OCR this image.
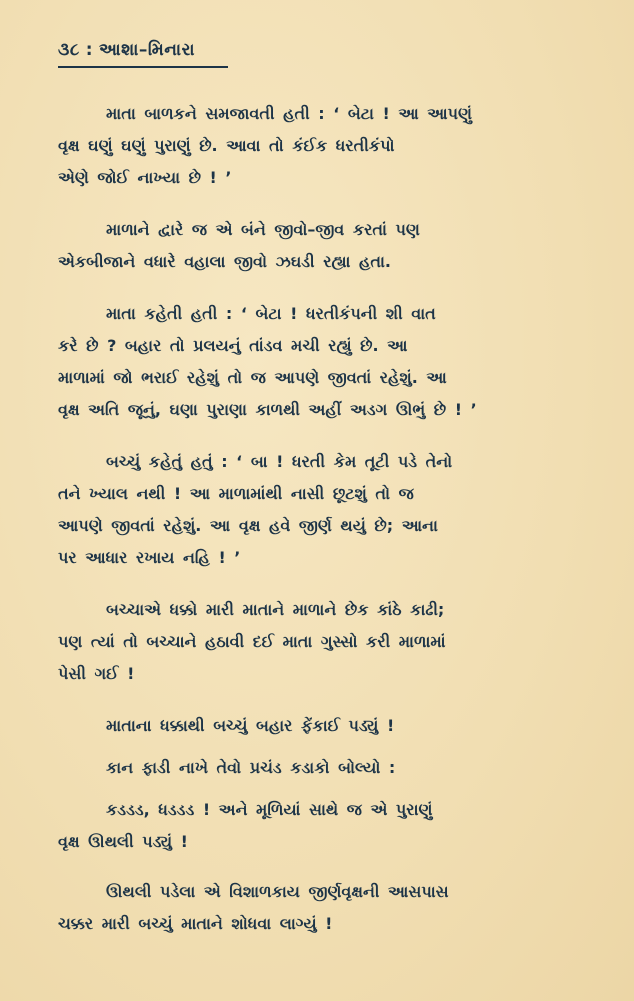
૩૮ : આશા–મિનારા

માતા બાળકને સમજાવતી હતી : ‘ બેટા ! આ આપણું
વૃક્ષ ઘણું ઘણું પુરાણું છે. આવા તો કંઈક ધરતીકંપો
એણે જોઈ નાખ્યા છે ! ’

માળાને દ્વારે જ એ બંને જીવો–જીવ કરતાં પણ
એકબીજાને વધારે વહાલા જીવો ઝઘડી રહ્યા હતા.

માતા કહેતી હતી : ‘ બેટા ! ધરતીકંપની શી વાત
કરે છે ? બહાર તો પ્રલયનું તાંડવ મચી રહ્યું છે. આ
માળામાં જો ભરાઈ રહેશું તો જ આપણે જીવતાં રહેશું. આ
વૃક્ષ અતિ જૂનું, ઘણા પુરાણા કાળથી અહીં અડગ ઊભું છે ! ’

બચ્ચું કહેતું હતું : ‘ બા ! ધરતી કેમ તૂટી પડે તેનો
તને ખ્યાલ નથી ! આ માળામાંથી નાસી છૂટશું તો જ
આપણે જીવતાં રહેશું. આ વૃક્ષ હવે જીર્ણ થયું છે; આના
પર આધાર રખાય નહિ ! ’

બચ્ચાએ ધક્કો મારી માતાને માળાને છેક કાંઠે કાઢી;
પણ ત્યાં તો બચ્ચાને હઠાવી દઈ માતા ગુસ્સો કરી માળામાં
પેસી ગઈ !

માતાના ધક્કાથી બચ્ચું બહાર ફેંકાઈ પડ્યું !

કાન ફાડી નાખે તેવો પ્રચંડ કડાકો બોલ્યો :

કડડડ, ધડડડ ! અને મૂળિયાં સાથે જ એ પુરાણું
વૃક્ષ ઊથલી પડ્યું !

ઊથલી પડેલા એ વિશાળકાય જીર્ણવૃક્ષની આસપાસ
ચક્કર મારી બચ્ચું માતાને શોધવા લાગ્યું !
